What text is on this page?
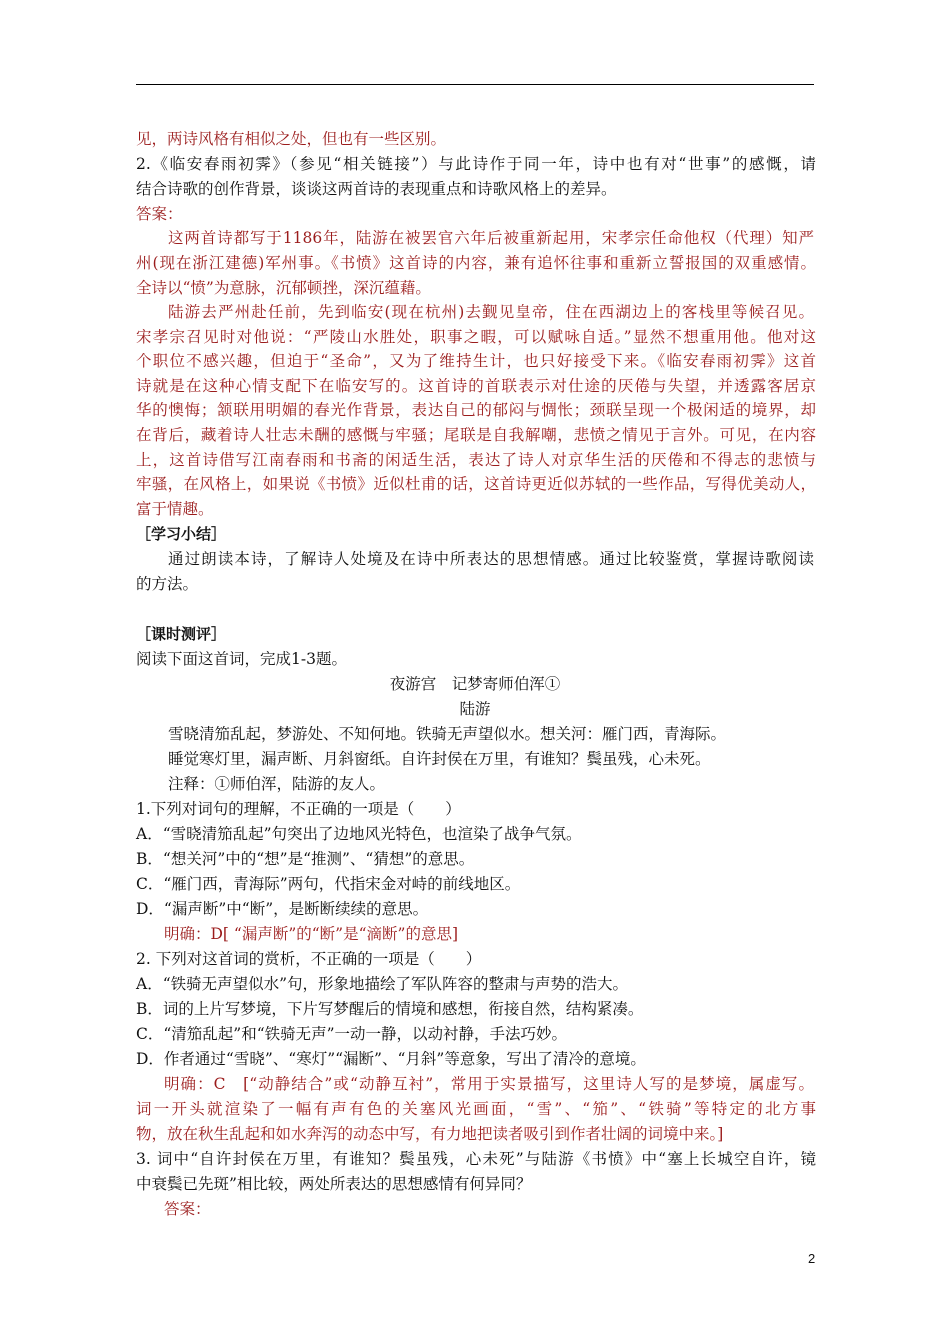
见，两诗风格有相似之处，但也有一些区别。
2.《临安春雨初霁》（参见“相关链接”）与此诗作于同一年，诗中也有对“世事”的感慨，请
结合诗歌的创作背景，谈谈这两首诗的表现重点和诗歌风格上的差异。
答案：
这两首诗都写于1186年，陆游在被罢官六年后被重新起用，宋孝宗任命他权（代理）知严
州(现在浙江建德)军州事。《书愤》这首诗的内容，兼有追怀往事和重新立誓报国的双重感情。
全诗以“愤”为意脉，沉郁顿挫，深沉蕴藉。
陆游去严州赴任前，先到临安(现在杭州)去觐见皇帝，住在西湖边上的客栈里等候召见。
宋孝宗召见时对他说：“严陵山水胜处，职事之暇，可以赋咏自适。”显然不想重用他。他对这
个职位不感兴趣，但迫于“圣命”，又为了维持生计，也只好接受下来。《临安春雨初霁》这首
诗就是在这种心情支配下在临安写的。这首诗的首联表示对仕途的厌倦与失望，并透露客居京
华的懊悔；颔联用明媚的春光作背景，表达自己的郁闷与惆怅；颈联呈现一个极闲适的境界，却
在背后，藏着诗人壮志未酬的感慨与牢骚；尾联是自我解嘲，悲愤之情见于言外。可见，在内容
上，这首诗借写江南春雨和书斋的闲适生活，表达了诗人对京华生活的厌倦和不得志的悲愤与
牢骚，在风格上，如果说《书愤》近似杜甫的话，这首诗更近似苏轼的一些作品，写得优美动人，
富于情趣。
［学习小结］
通过朗读本诗，了解诗人处境及在诗中所表达的思想情感。通过比较鉴赏，掌握诗歌阅读
的方法。
［课时测评］
阅读下面这首词，完成1-3题。
夜游宫　记梦寄师伯浑①
陆游
雪晓清笳乱起，梦游处、不知何地。铁骑无声望似水。想关河：雁门西，青海际。
睡觉寒灯里，漏声断、月斜窗纸。自许封侯在万里，有谁知？鬓虽残，心未死。
注释：①师伯浑，陆游的友人。
1.下列对词句的理解，不正确的一项是（　　）
A．“雪晓清笳乱起”句突出了边地风光特色，也渲染了战争气氛。
B．“想关河”中的“想”是“推测”、“猜想”的意思。
C．“雁门西，青海际”两句，代指宋金对峙的前线地区。
D．“漏声断”中“断”，是断断续续的意思。
明确：D[ “漏声断”的“断”是“滴断”的意思]
2. 下列对这首词的赏析，不正确的一项是（　　）
A．“铁骑无声望似水”句，形象地描绘了军队阵容的整肃与声势的浩大。
B．词的上片写梦境，下片写梦醒后的情境和感想，衔接自然，结构紧凑。
C．“清笳乱起”和“铁骑无声”一动一静，以动衬静，手法巧妙。
D．作者通过“雪晓”、“寒灯”“漏断”、“月斜”等意象，写出了清冷的意境。
明确：C　[“动静结合”或“动静互衬”，常用于实景描写，这里诗人写的是梦境，属虚写。
词一开头就渲染了一幅有声有色的关塞风光画面，“雪”、“笳”、“铁骑”等特定的北方事
物，放在秋生乱起和如水奔泻的动态中写，有力地把读者吸引到作者壮阔的词境中来。]
3. 词中“自许封侯在万里，有谁知？鬓虽残，心未死”与陆游《书愤》中“塞上长城空自许，镜
中衰鬓已先斑”相比较，两处所表达的思想感情有何异同？
答案：
2
